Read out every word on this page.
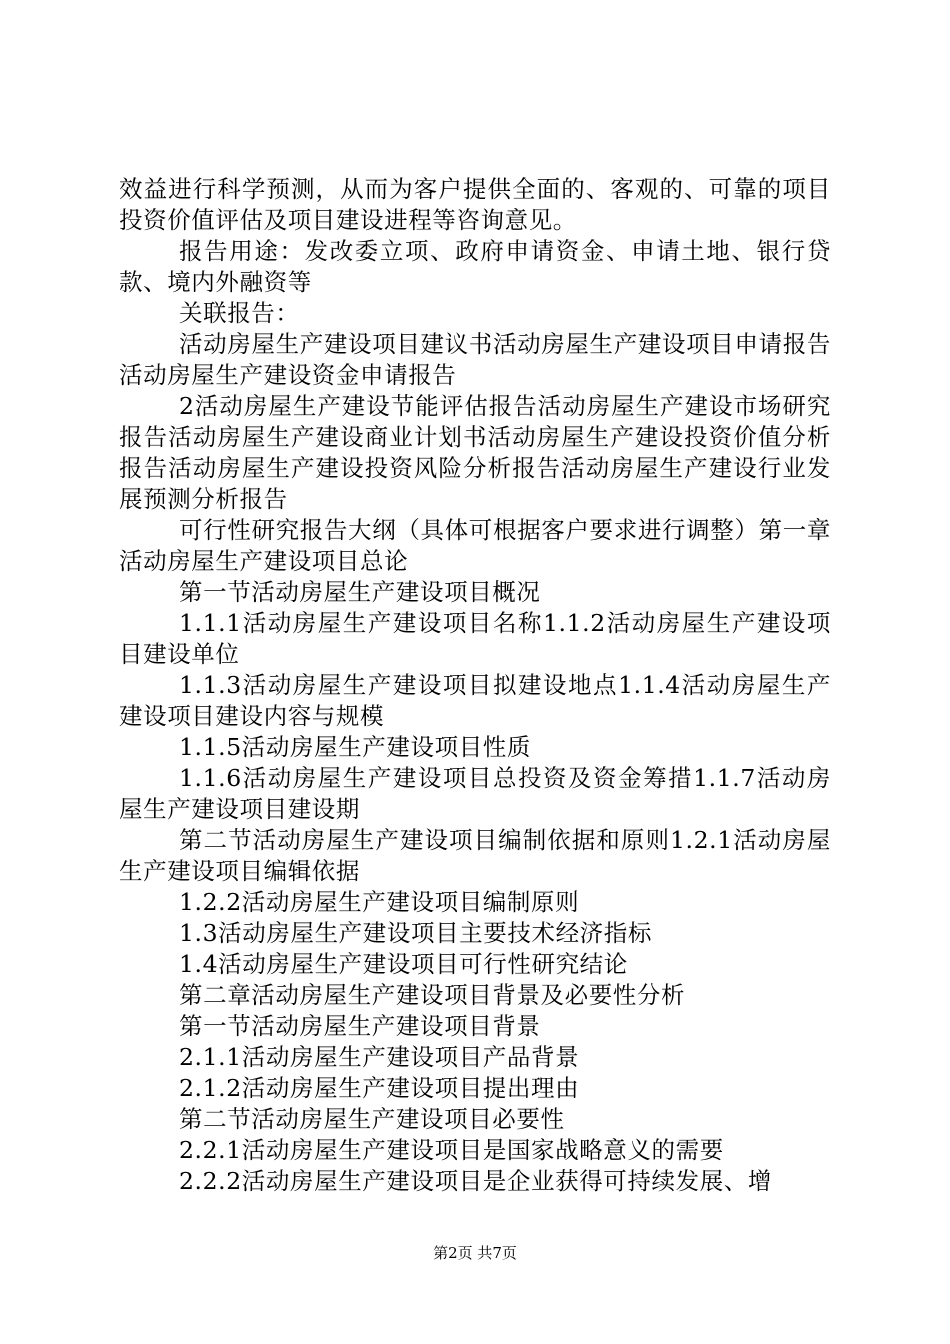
效益进行科学预测，从而为客户提供全面的、客观的、可靠的项目投资价值评估及项目建设进程等咨询意见。

报告用途：发改委立项、政府申请资金、申请土地、银行贷款、境内外融资等

关联报告：

活动房屋生产建设项目建议书活动房屋生产建设项目申请报告活动房屋生产建设资金申请报告

2活动房屋生产建设节能评估报告活动房屋生产建设市场研究报告活动房屋生产建设商业计划书活动房屋生产建设投资价值分析报告活动房屋生产建设投资风险分析报告活动房屋生产建设行业发展预测分析报告

可行性研究报告大纲（具体可根据客户要求进行调整）第一章活动房屋生产建设项目总论

第一节活动房屋生产建设项目概况

1.1.1活动房屋生产建设项目名称1.1.2活动房屋生产建设项目建设单位

1.1.3活动房屋生产建设项目拟建设地点1.1.4活动房屋生产建设项目建设内容与规模

1.1.5活动房屋生产建设项目性质

1.1.6活动房屋生产建设项目总投资及资金筹措1.1.7活动房屋生产建设项目建设期

第二节活动房屋生产建设项目编制依据和原则1.2.1活动房屋生产建设项目编辑依据

1.2.2活动房屋生产建设项目编制原则

1.3活动房屋生产建设项目主要技术经济指标

1.4活动房屋生产建设项目可行性研究结论

第二章活动房屋生产建设项目背景及必要性分析

第一节活动房屋生产建设项目背景

2.1.1活动房屋生产建设项目产品背景

2.1.2活动房屋生产建设项目提出理由

第二节活动房屋生产建设项目必要性

2.2.1活动房屋生产建设项目是国家战略意义的需要

2.2.2活动房屋生产建设项目是企业获得可持续发展、增

第2页 共7页
